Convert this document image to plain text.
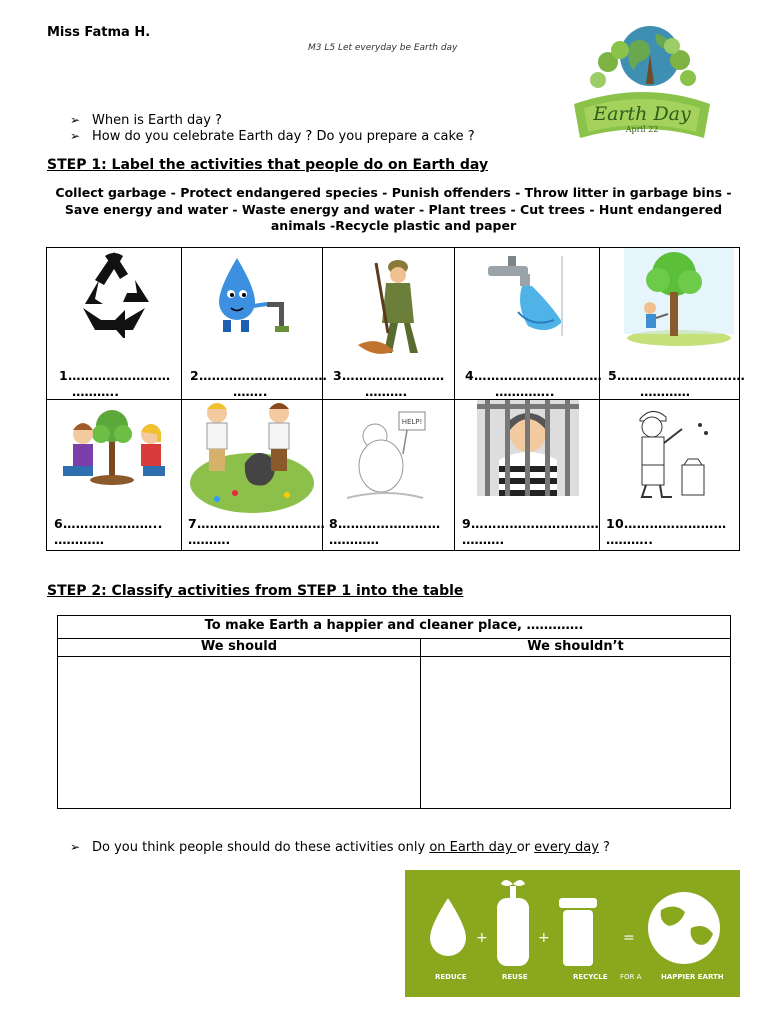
Miss Fatma H.
M3 L5 Let everyday be Earth day
Earth Day
April 22
➢ When is Earth day ?
➢ How do you celebrate Earth day ? Do you prepare a cake ?
STEP 1: Label the activities that people do on Earth day
Collect garbage - Protect endangered species - Punish offenders - Throw litter in garbage bins - Save energy and water - Waste energy and water - Plant trees - Cut trees - Hunt endangered animals -Recycle plastic and paper
1……………………
………..
2…………………………
……..
3……………………
……….
4…………………………
…………..
5…………………………
…………
HELP!
6…………………..
…………
7…………………………
……….
8……………………
…………
9…………………………
……….
10……………………
………..
STEP 2: Classify activities from STEP 1 into the table
To make Earth a happier and cleaner place, ………….
We should	We shouldn’t
➢ Do you think people should do these activities only on Earth day or every day ?
+	+	=
REDUCE	REUSE	RECYCLE FOR A	HAPPIER EARTH
